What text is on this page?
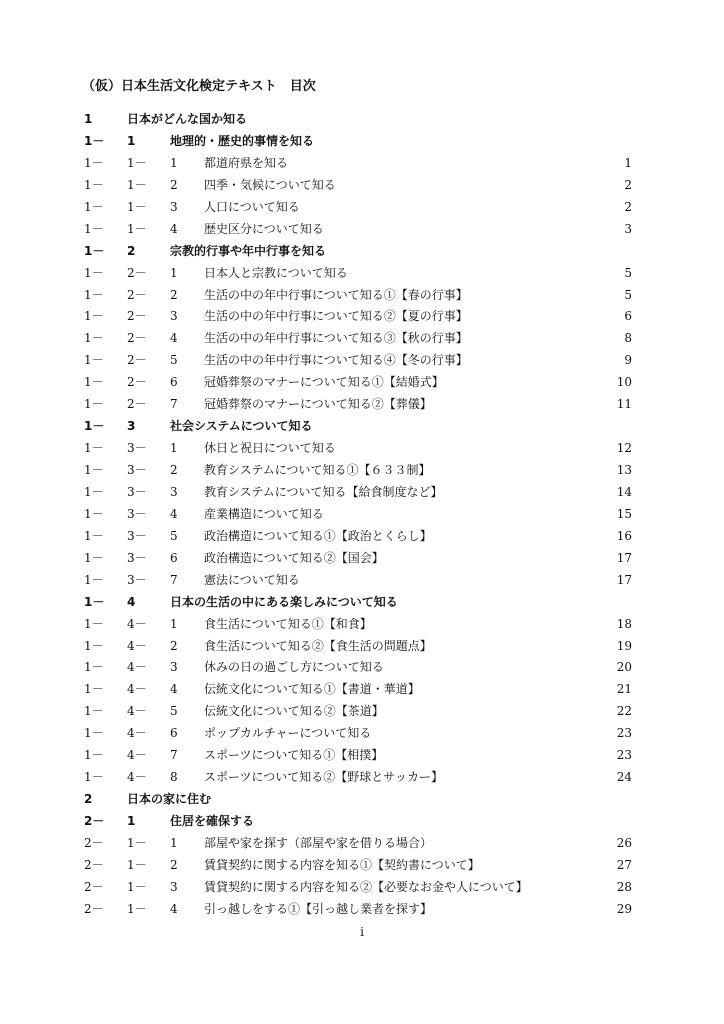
（仮）日本生活文化検定テキスト　目次
1	日本がどんな国か知る
1－ 1	地理的・歴史的事情を知る
1－ 1－ 1 都道府県を知る	1
1－ 1－ 2 四季・気候について知る	2
1－ 1－ 3 人口について知る	2
1－ 1－ 4 歴史区分について知る	3
1－ 2	宗教的行事や年中行事を知る
1－ 2－ 1 日本人と宗教について知る	5
1－ 2－ 2 生活の中の年中行事について知る①【春の行事】	5
1－ 2－ 3 生活の中の年中行事について知る②【夏の行事】	6
1－ 2－ 4 生活の中の年中行事について知る③【秋の行事】	8
1－ 2－ 5 生活の中の年中行事について知る④【冬の行事】	9
1－ 2－ 6 冠婚葬祭のマナーについて知る①【結婚式】	10
1－ 2－ 7 冠婚葬祭のマナーについて知る②【葬儀】	11
1－ 3	社会システムについて知る
1－ 3－ 1 休日と祝日について知る	12
1－ 3－ 2 教育システムについて知る①【６３３制】	13
1－ 3－ 3 教育システムについて知る【給食制度など】	14
1－ 3－ 4 産業構造について知る	15
1－ 3－ 5 政治構造について知る①【政治とくらし】	16
1－ 3－ 6 政治構造について知る②【国会】	17
1－ 3－ 7 憲法について知る	17
1－ 4	日本の生活の中にある楽しみについて知る
1－ 4－ 1 食生活について知る①【和食】	18
1－ 4－ 2 食生活について知る②【食生活の問題点】	19
1－ 4－ 3 休みの日の過ごし方について知る	20
1－ 4－ 4 伝統文化について知る①【書道・華道】	21
1－ 4－ 5 伝統文化について知る②【茶道】	22
1－ 4－ 6 ポップカルチャーについて知る	23
1－ 4－ 7 スポーツについて知る①【相撲】	23
1－ 4－ 8 スポーツについて知る②【野球とサッカー】	24
2	日本の家に住む
2－ 1	住居を確保する
2－ 1－ 1 部屋や家を探す（部屋や家を借りる場合）	26
2－ 1－ 2 賃貸契約に関する内容を知る①【契約書について】	27
2－ 1－ 3 賃貸契約に関する内容を知る②【必要なお金や人について】	28
2－ 1－ 4 引っ越しをする①【引っ越し業者を探す】	29
i
